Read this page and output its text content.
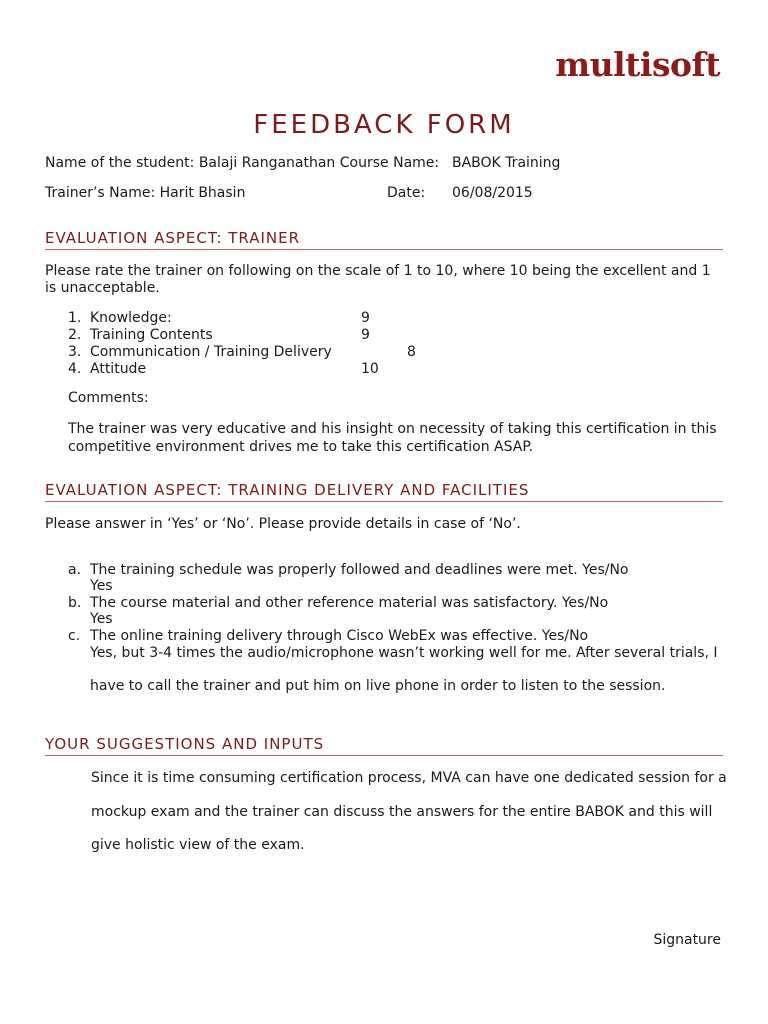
multisoft
FEEDBACK FORM
Name of the student: Balaji Ranganathan Course Name: BABOK Training
Trainer’s Name: Harit Bhasin	Date: 06/08/2015
EVALUATION ASPECT: TRAINER
Please rate the trainer on following on the scale of 1 to 10, where 10 being the excellent and 1 is unacceptable.
1. Knowledge:	9
2. Training Contents	9
3. Communication / Training Delivery	8
4. Attitude	10
Comments:
The trainer was very educative and his insight on necessity of taking this certification in this competitive environment drives me to take this certification ASAP.
EVALUATION ASPECT: TRAINING DELIVERY AND FACILITIES
Please answer in ‘Yes’ or ‘No’. Please provide details in case of ‘No’.
a. The training schedule was properly followed and deadlines were met. Yes/No
Yes
b. The course material and other reference material was satisfactory. Yes/No
Yes
c. The online training delivery through Cisco WebEx was effective. Yes/No
Yes, but 3-4 times the audio/microphone wasn’t working well for me. After several trials, I
have to call the trainer and put him on live phone in order to listen to the session.
YOUR SUGGESTIONS AND INPUTS
Since it is time consuming certification process, MVA can have one dedicated session for a
mockup exam and the trainer can discuss the answers for the entire BABOK and this will
give holistic view of the exam.
Signature
